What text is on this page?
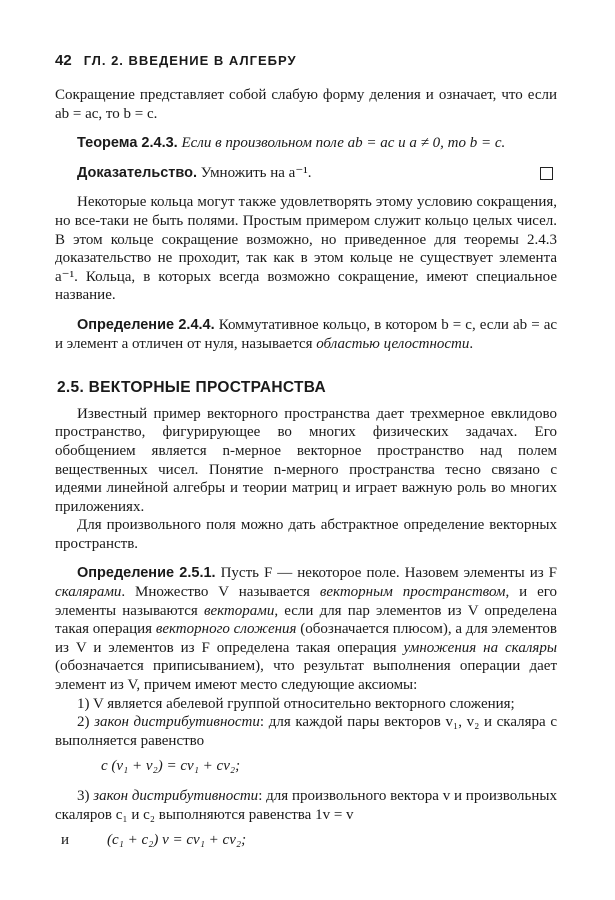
42 ГЛ. 2. ВВЕДЕНИЕ В АЛГЕБРУ

Сокращение представляет собой слабую форму деления и означает, что если ab = ac, то b = c.

Теорема 2.4.3. Если в произвольном поле ab = ac и a ≠ 0, то b = c.

Доказательство. Умножить на a⁻¹.

Некоторые кольца могут также удовлетворять этому условию сокращения, но все-таки не быть полями. Простым примером служит кольцо целых чисел. В этом кольце сокращение возможно, но приведенное для теоремы 2.4.3 доказательство не проходит, так как в этом кольце не существует элемента a⁻¹. Кольца, в которых всегда возможно сокращение, имеют специальное название.

Определение 2.4.4. Коммутативное кольцо, в котором b = c, если ab = ac и элемент a отличен от нуля, называется областью целостности.

2.5. ВЕКТОРНЫЕ ПРОСТРАНСТВА

Известный пример векторного пространства дает трехмерное евклидово пространство, фигурирующее во многих физических задачах. Его обобщением является n-мерное векторное пространство над полем вещественных чисел. Понятие n-мерного пространства тесно связано с идеями линейной алгебры и теории матриц и играет важную роль во многих приложениях.

Для произвольного поля можно дать абстрактное определение векторных пространств.

Определение 2.5.1. Пусть F — некоторое поле. Назовем элементы из F скалярами. Множество V называется векторным пространством, и его элементы называются векторами, если для пар элементов из V определена такая операция векторного сложения (обозначается плюсом), а для элементов из V и элементов из F определена такая операция умножения на скаляры (обозначается приписыванием), что результат выполнения операции дает элемент из V, причем имеют место следующие аксиомы:

1) V является абелевой группой относительно векторного сложения;

2) закон дистрибутивности: для каждой пары векторов v₁, v₂ и скаляра c выполняется равенство

c (v₁ + v₂) = cv₁ + cv₂;

3) закон дистрибутивности: для произвольного вектора v и произвольных скаляров c₁ и c₂ выполняются равенства 1v = v

и	(c₁ + c₂) v = cv₁ + cv₂;
